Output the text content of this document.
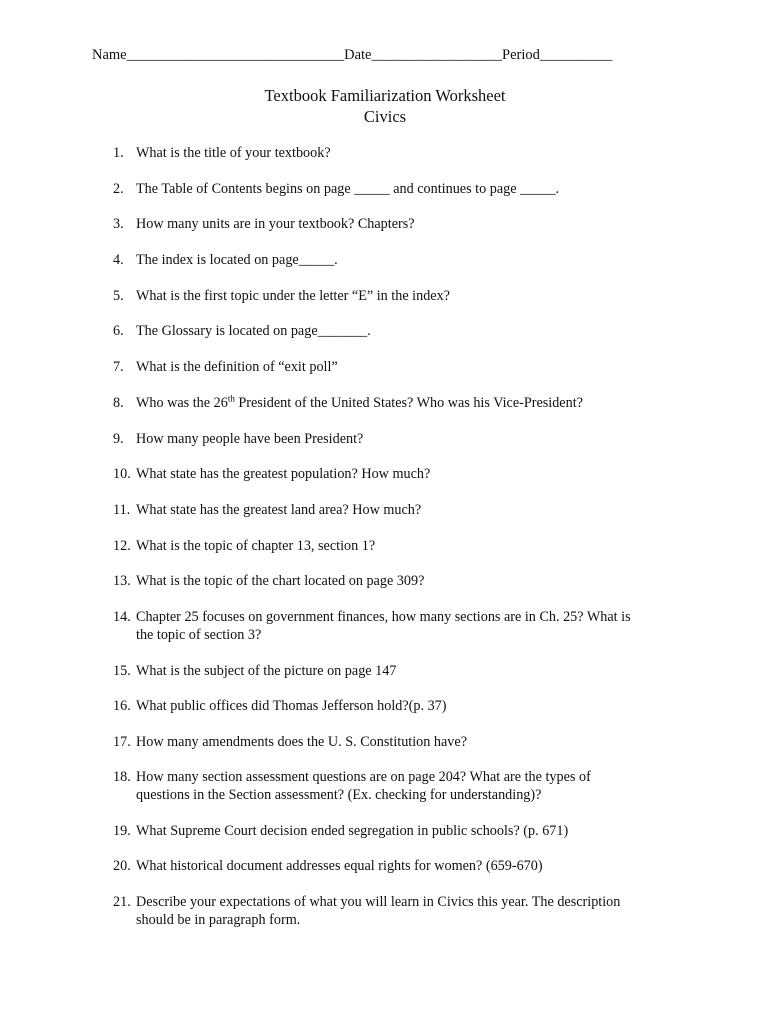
Name______________________________Date__________________Period__________
Textbook Familiarization Worksheet
Civics
1. What is the title of your textbook?
2. The Table of Contents begins on page _____ and continues to page _____.
3. How many units are in your textbook? Chapters?
4. The index is located on page_____.
5. What is the first topic under the letter “E” in the index?
6. The Glossary is located on page_______.
7. What is the definition of “exit poll”
8. Who was the 26th President of the United States? Who was his Vice-President?
9. How many people have been President?
10. What state has the greatest population? How much?
11. What state has the greatest land area? How much?
12. What is the topic of chapter 13, section 1?
13. What is the topic of the chart located on page 309?
14. Chapter 25 focuses on government finances, how many sections are in Ch. 25? What is
the topic of section 3?
15. What is the subject of the picture on page 147
16. What public offices did Thomas Jefferson hold?(p. 37)
17. How many amendments does the U. S. Constitution have?
18. How many section assessment questions are on page 204? What are the types of
questions in the Section assessment? (Ex. checking for understanding)?
19. What Supreme Court decision ended segregation in public schools? (p. 671)
20. What historical document addresses equal rights for women? (659-670)
21. Describe your expectations of what you will learn in Civics this year. The description
should be in paragraph form.
